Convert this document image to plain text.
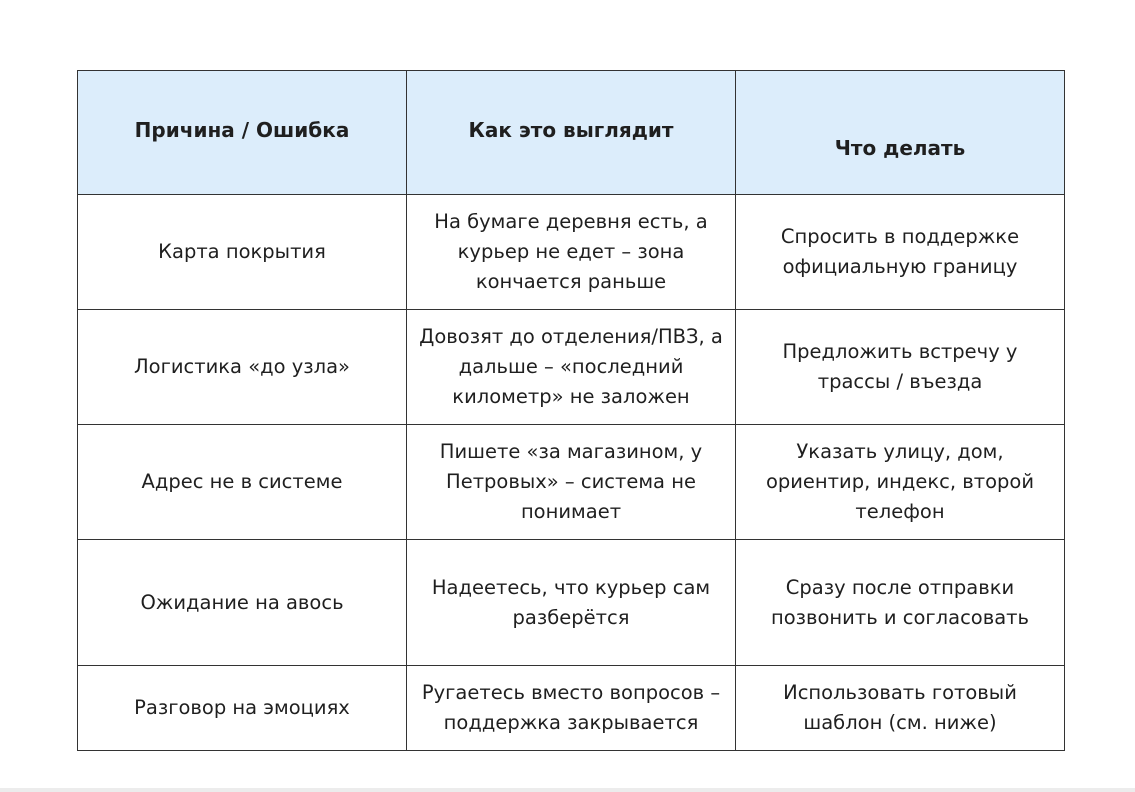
Причина / Ошибка	Как это выглядит	Что делать
Карта покрытия	На бумаге деревня есть, а курьер не едет – зона кончается раньше	Спросить в поддержке официальную границу
Логистика «до узла»	Довозят до отделения/ПВЗ, а дальше – «последний километр» не заложен	Предложить встречу у трассы / въезда
Адрес не в системе	Пишете «за магазином, у Петровых» – система не понимает	Указать улицу, дом, ориентир, индекс, второй телефон
Ожидание на авось	Надеетесь, что курьер сам разберётся	Сразу после отправки позвонить и согласовать
Разговор на эмоциях	Ругаетесь вместо вопросов – поддержка закрывается	Использовать готовый шаблон (см. ниже)
